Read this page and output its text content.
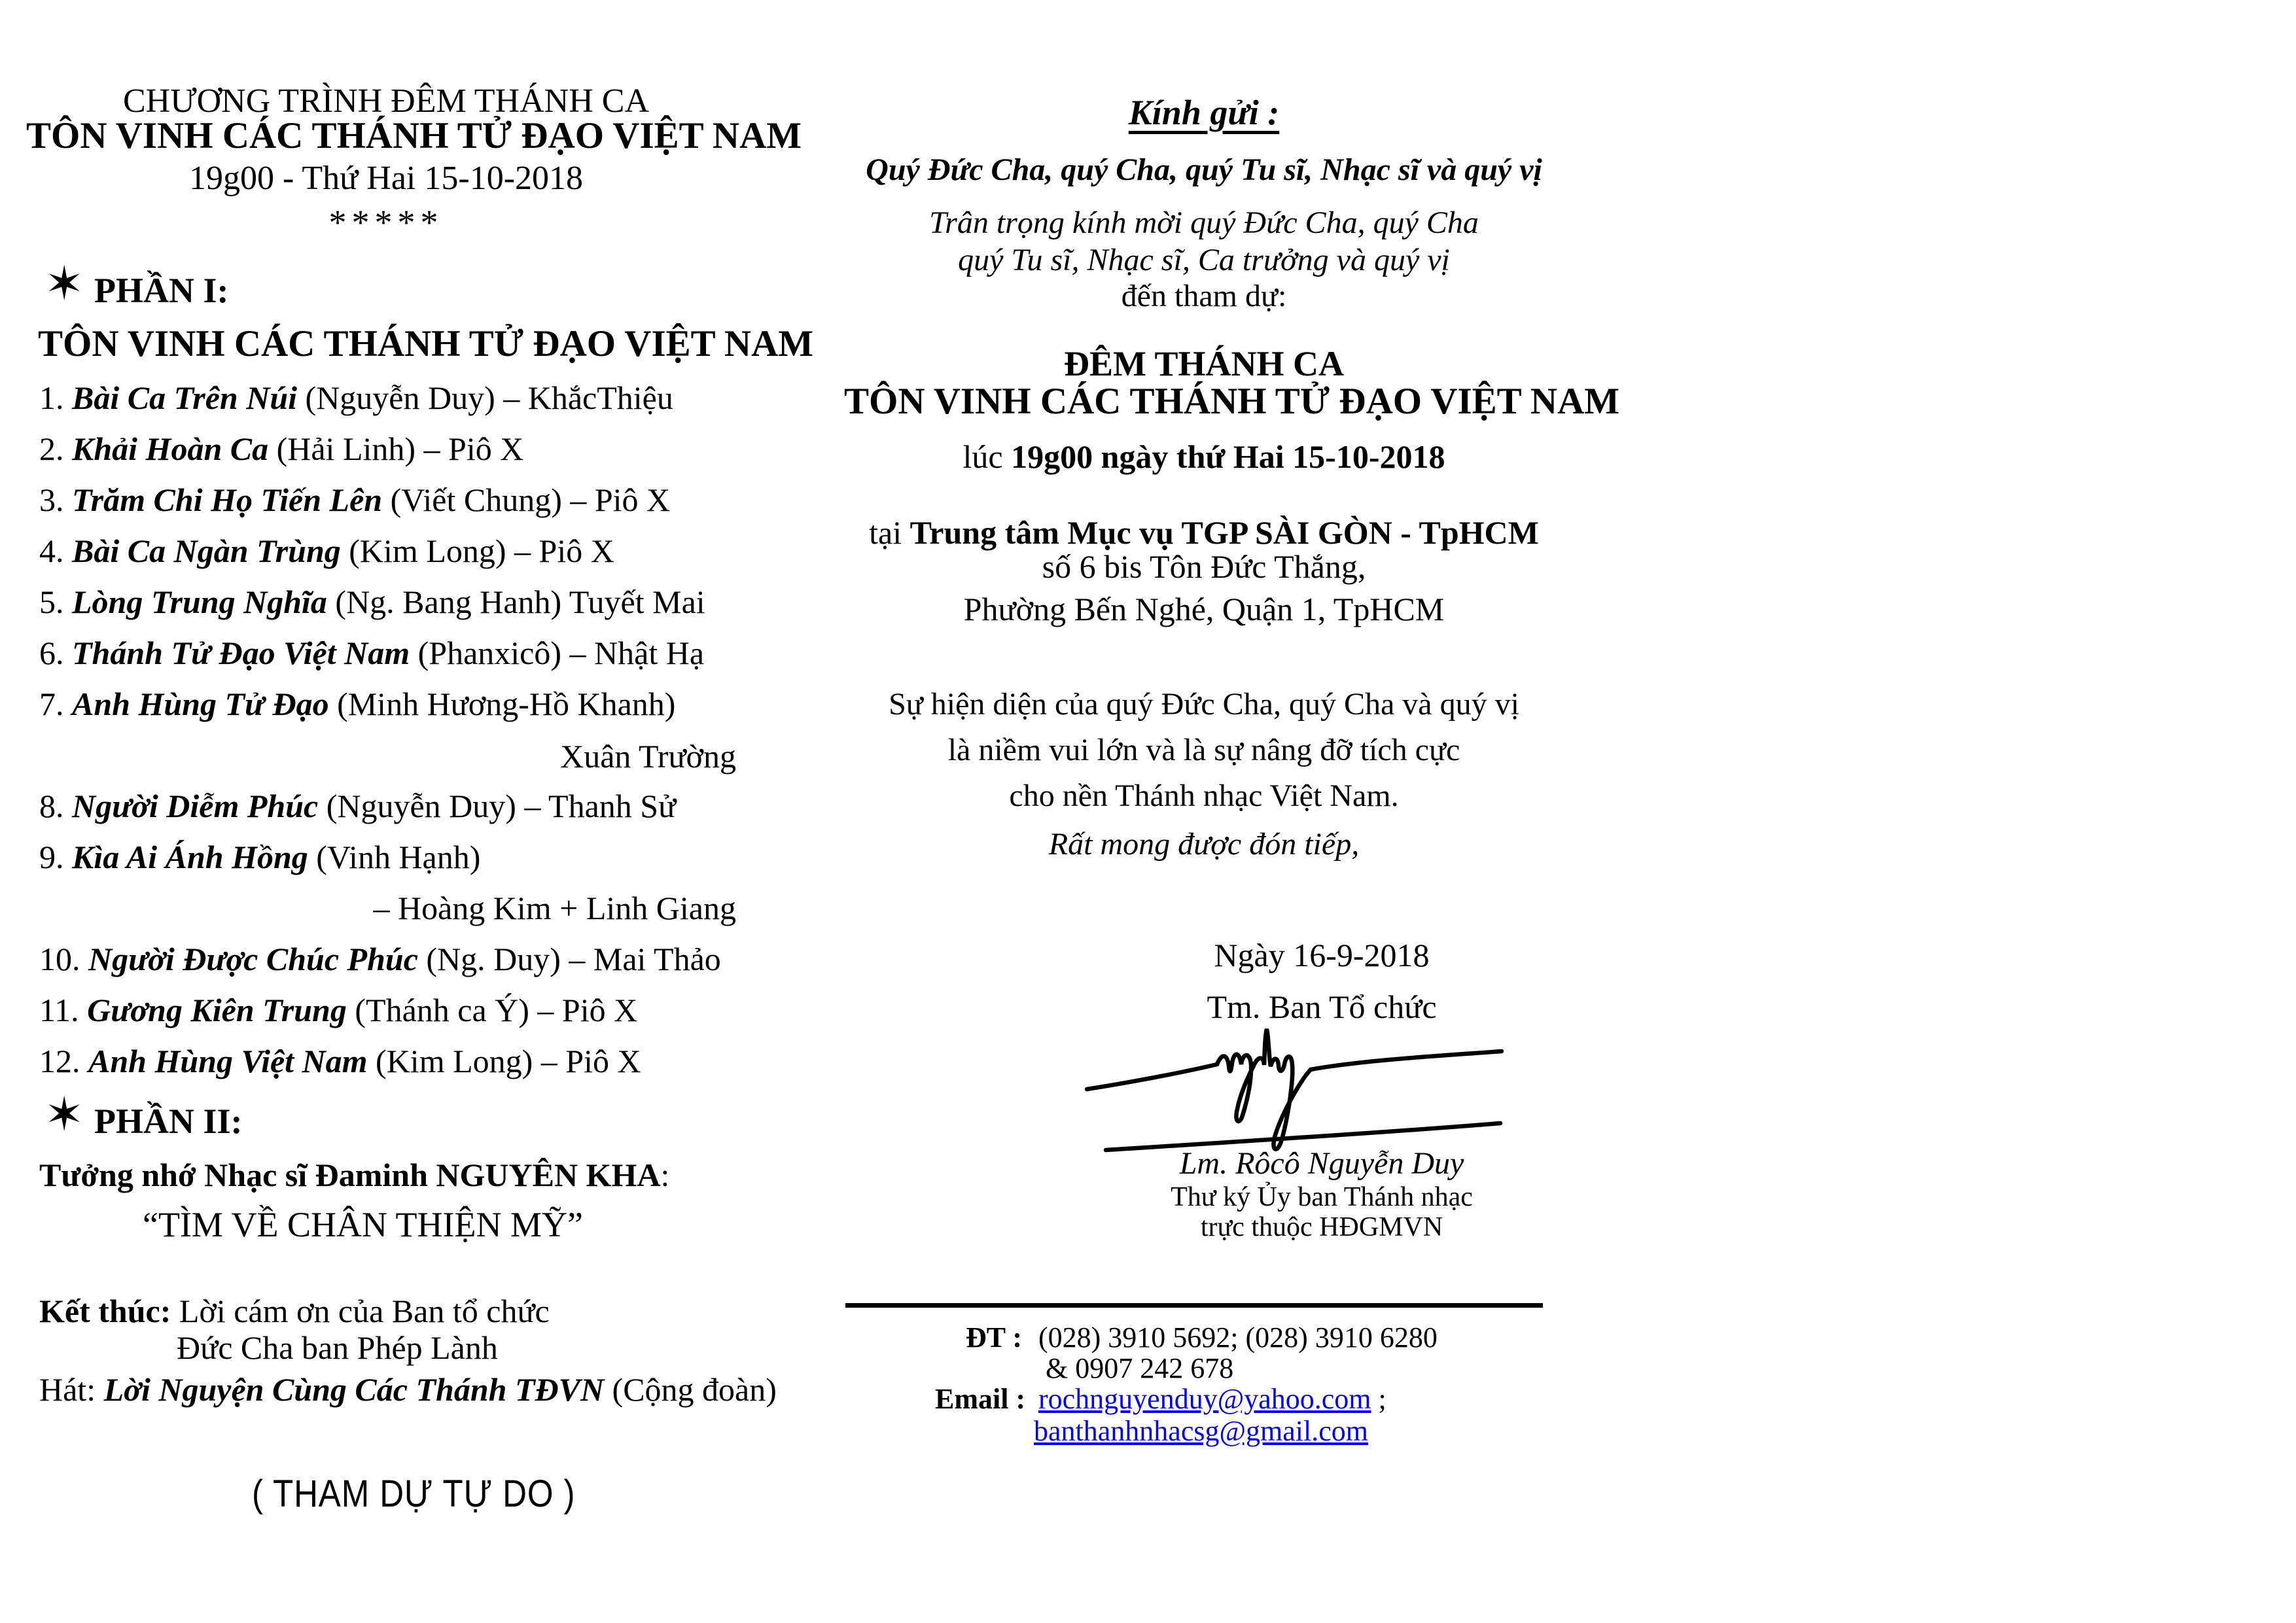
CHƯƠNG TRÌNH ĐÊM THÁNH CA
TÔN VINH CÁC THÁNH TỬ ĐẠO VIỆT NAM
19g00 - Thứ Hai 15-10-2018
*****
✶ PHẦN I:
TÔN VINH CÁC THÁNH TỬ ĐẠO VIỆT NAM
1. Bài Ca Trên Núi (Nguyễn Duy) – KhắcThiệu
2. Khải Hoàn Ca (Hải Linh) – Piô X
3. Trăm Chi Họ Tiến Lên (Viết Chung) – Piô X
4. Bài Ca Ngàn Trùng (Kim Long) – Piô X
5. Lòng Trung Nghĩa (Ng. Bang Hanh) Tuyết Mai
6. Thánh Tử Đạo Việt Nam (Phanxicô) – Nhật Hạ
7. Anh Hùng Tử Đạo (Minh Hương-Hồ Khanh)
Xuân Trường
8. Người Diễm Phúc (Nguyễn Duy) – Thanh Sử
9. Kìa Ai Ánh Hồng (Vinh Hạnh)
– Hoàng Kim + Linh Giang
10. Người Được Chúc Phúc (Ng. Duy) – Mai Thảo
11. Gương Kiên Trung (Thánh ca Ý) – Piô X
12. Anh Hùng Việt Nam (Kim Long) – Piô X
✶ PHẦN II:
Tưởng nhớ Nhạc sĩ Đaminh NGUYÊN KHA:
“TÌM VỀ CHÂN THIỆN MỸ”
Kết thúc: Lời cám ơn của Ban tổ chức
Đức Cha ban Phép Lành
Hát: Lời Nguyện Cùng Các Thánh TĐVN (Cộng đoàn)
( THAM DỰ TỰ DO )
Kính gửi :
Quý Đức Cha, quý Cha, quý Tu sĩ, Nhạc sĩ và quý vị
Trân trọng kính mời quý Đức Cha, quý Cha
quý Tu sĩ, Nhạc sĩ, Ca trưởng và quý vị
đến tham dự:
ĐÊM THÁNH CA
TÔN VINH CÁC THÁNH TỬ ĐẠO VIỆT NAM
lúc 19g00 ngày thứ Hai 15-10-2018
tại Trung tâm Mục vụ TGP SÀI GÒN - TpHCM
số 6 bis Tôn Đức Thắng,
Phường Bến Nghé, Quận 1, TpHCM
Sự hiện diện của quý Đức Cha, quý Cha và quý vị
là niềm vui lớn và là sự nâng đỡ tích cực
cho nền Thánh nhạc Việt Nam.
Rất mong được đón tiếp,
Ngày 16-9-2018
Tm. Ban Tổ chức
Lm. Rôcô Nguyễn Duy
Thư ký Ủy ban Thánh nhạc
trực thuộc HĐGMVN
ĐT : (028) 3910 5692; (028) 3910 6280
& 0907 242 678
Email : rochnguyenduy@yahoo.com ;
banthanhnhacsg@gmail.com
